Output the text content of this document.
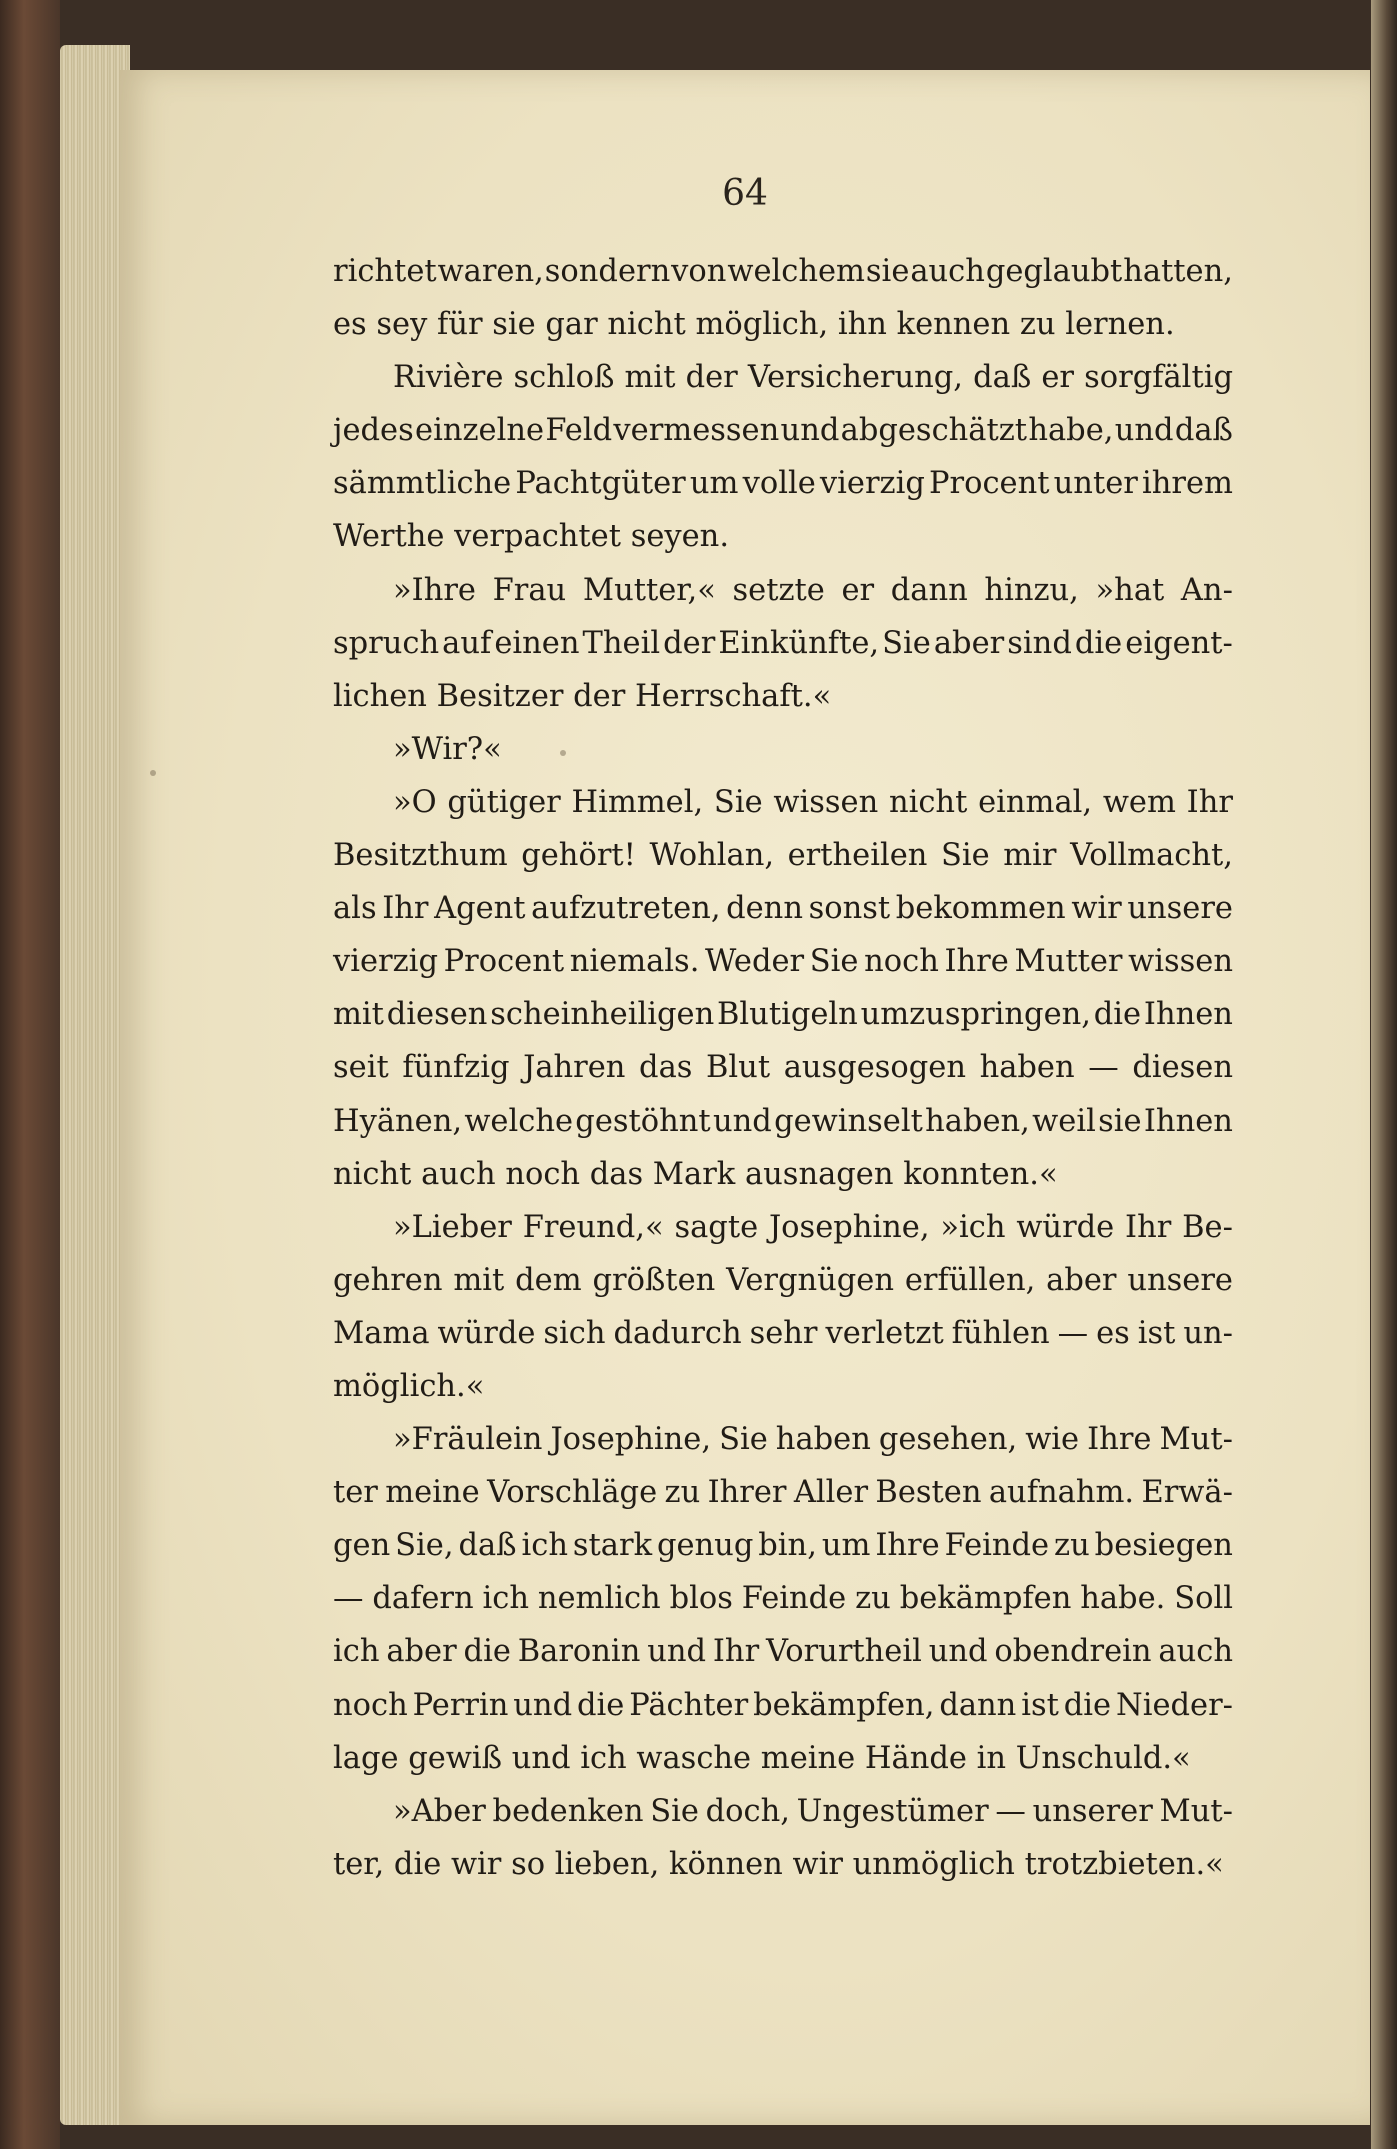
64
richtet waren, sondern von welchem sie auch geglaubt hatten,
es sey für sie gar nicht möglich, ihn kennen zu lernen.
Rivière schloß mit der Versicherung, daß er sorgfältig
jedes einzelne Feld vermessen und abgeschätzt habe, und daß
sämmtliche Pachtgüter um volle vierzig Procent unter ihrem
Werthe verpachtet seyen.
»Ihre Frau Mutter,« setzte er dann hinzu, »hat An-
spruch auf einen Theil der Einkünfte, Sie aber sind die eigent-
lichen Besitzer der Herrschaft.«
»Wir?«
»O gütiger Himmel, Sie wissen nicht einmal, wem Ihr
Besitzthum gehört! Wohlan, ertheilen Sie mir Vollmacht,
als Ihr Agent aufzutreten, denn sonst bekommen wir unsere
vierzig Procent niemals. Weder Sie noch Ihre Mutter wissen
mit diesen scheinheiligen Blutigeln umzuspringen, die Ihnen
seit fünfzig Jahren das Blut ausgesogen haben — diesen
Hyänen, welche gestöhnt und gewinselt haben, weil sie Ihnen
nicht auch noch das Mark ausnagen konnten.«
»Lieber Freund,« sagte Josephine, »ich würde Ihr Be-
gehren mit dem größten Vergnügen erfüllen, aber unsere
Mama würde sich dadurch sehr verletzt fühlen — es ist un-
möglich.«
»Fräulein Josephine, Sie haben gesehen, wie Ihre Mut-
ter meine Vorschläge zu Ihrer Aller Besten aufnahm. Erwä-
gen Sie, daß ich stark genug bin, um Ihre Feinde zu besiegen
— dafern ich nemlich blos Feinde zu bekämpfen habe. Soll
ich aber die Baronin und Ihr Vorurtheil und obendrein auch
noch Perrin und die Pächter bekämpfen, dann ist die Nieder-
lage gewiß und ich wasche meine Hände in Unschuld.«
»Aber bedenken Sie doch, Ungestümer — unserer Mut-
ter, die wir so lieben, können wir unmöglich trotzbieten.«
